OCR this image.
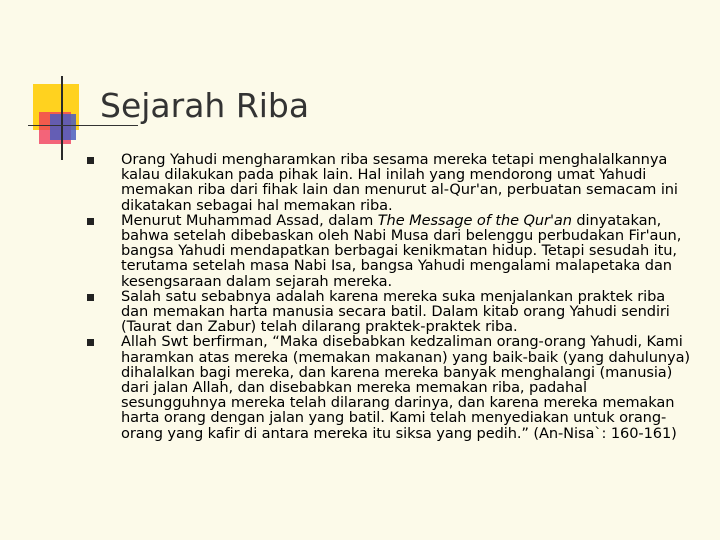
Sejarah Riba
Orang Yahudi mengharamkan riba sesama mereka tetapi menghalalkannya kalau dilakukan pada pihak lain. Hal inilah yang mendorong umat Yahudi memakan riba dari fihak lain dan menurut al-Qur'an, perbuatan semacam ini dikatakan sebagai hal memakan riba.
Menurut Muhammad Assad, dalam The Message of the Qur'an dinyatakan, bahwa setelah dibebaskan oleh Nabi Musa dari belenggu perbudakan Fir'aun, bangsa Yahudi mendapatkan berbagai kenikmatan hidup. Tetapi sesudah itu, terutama setelah masa Nabi Isa, bangsa Yahudi mengalami malapetaka dan kesengsaraan dalam sejarah mereka.
Salah satu sebabnya adalah karena mereka suka menjalankan praktek riba dan memakan harta manusia secara batil. Dalam kitab orang Yahudi sendiri (Taurat dan Zabur) telah dilarang praktek-praktek riba.
Allah Swt berfirman, “Maka disebabkan kedzaliman orang-orang Yahudi, Kami haramkan atas mereka (memakan makanan) yang baik-baik (yang dahulunya) dihalalkan bagi mereka, dan karena mereka banyak menghalangi (manusia) dari jalan Allah, dan disebabkan mereka memakan riba, padahal sesungguhnya mereka telah dilarang darinya, dan karena mereka memakan harta orang dengan jalan yang batil. Kami telah menyediakan untuk orang-orang yang kafir di antara mereka itu siksa yang pedih.” (An-Nisa`: 160-161)
